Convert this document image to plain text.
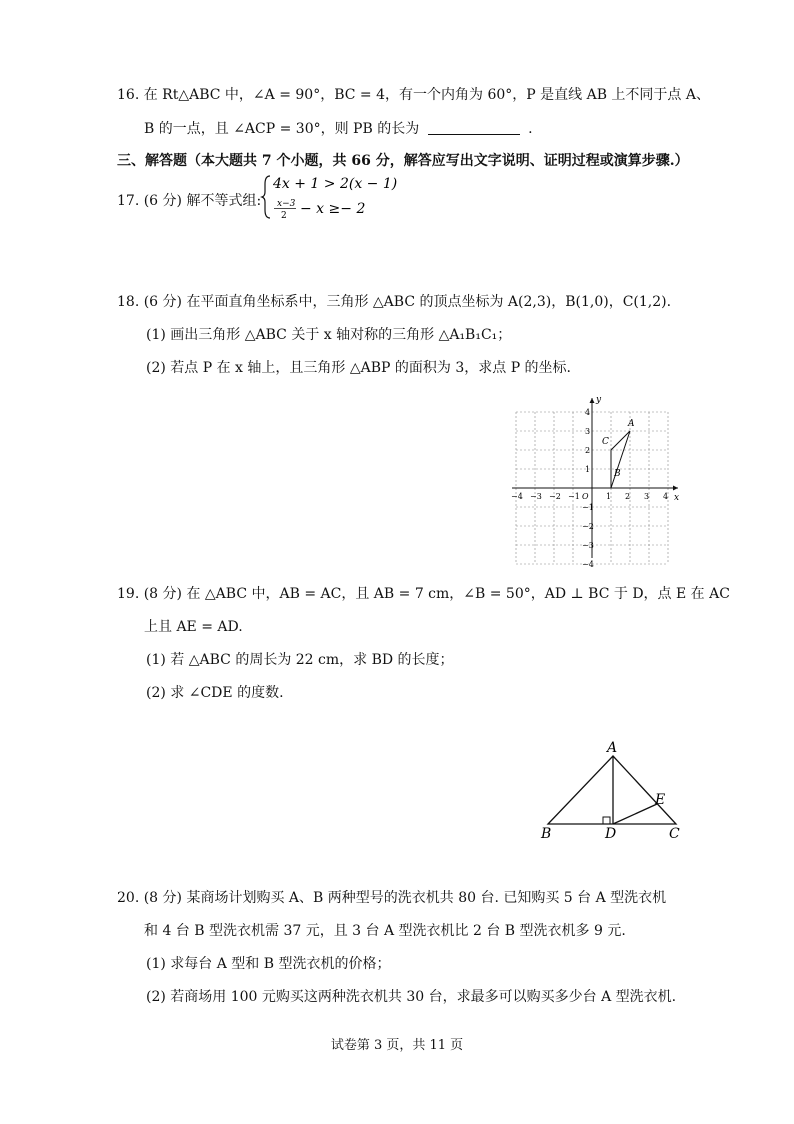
16. 在 Rt△ABC 中，∠A = 90°，BC = 4，有一个内角为 60°，P 是直线 AB 上不同于点 A、
B 的一点，且 ∠ACP = 30°，则 PB 的长为	.
三、解答题（本大题共 7 个小题，共 66 分，解答应写出文字说明、证明过程或演算步骤.）
17. (6 分) 解不等式组:
4x + 1 > 2(x − 1)
x−3
2 − x ≥− 2
18. (6 分) 在平面直角坐标系中，三角形 △ABC 的顶点坐标为 A(2,3)，B(1,0)，C(1,2).
(1) 画出三角形 △ABC 关于 x 轴对称的三角形 △A₁B₁C₁；
(2) 若点 P 在 x 轴上，且三角形 △ABP 的面积为 3，求点 P 的坐标.
x
y
−4 −3 −2 −1 O 1 2 3 4
4
3
2
1
−1
−2
−3
−4
A
B
C
19. (8 分) 在 △ABC 中，AB = AC，且 AB = 7 cm，∠B = 50°，AD ⊥ BC 于 D，点 E 在 AC
上且 AE = AD.
(1) 若 △ABC 的周长为 22 cm，求 BD 的长度；
(2) 求 ∠CDE 的度数.
A
B	C
D
E
20. (8 分) 某商场计划购买 A、B 两种型号的洗衣机共 80 台. 已知购买 5 台 A 型洗衣机
和 4 台 B 型洗衣机需 37 元，且 3 台 A 型洗衣机比 2 台 B 型洗衣机多 9 元.
(1) 求每台 A 型和 B 型洗衣机的价格；
(2) 若商场用 100 元购买这两种洗衣机共 30 台，求最多可以购买多少台 A 型洗衣机.
试卷第 3 页，共 11 页
